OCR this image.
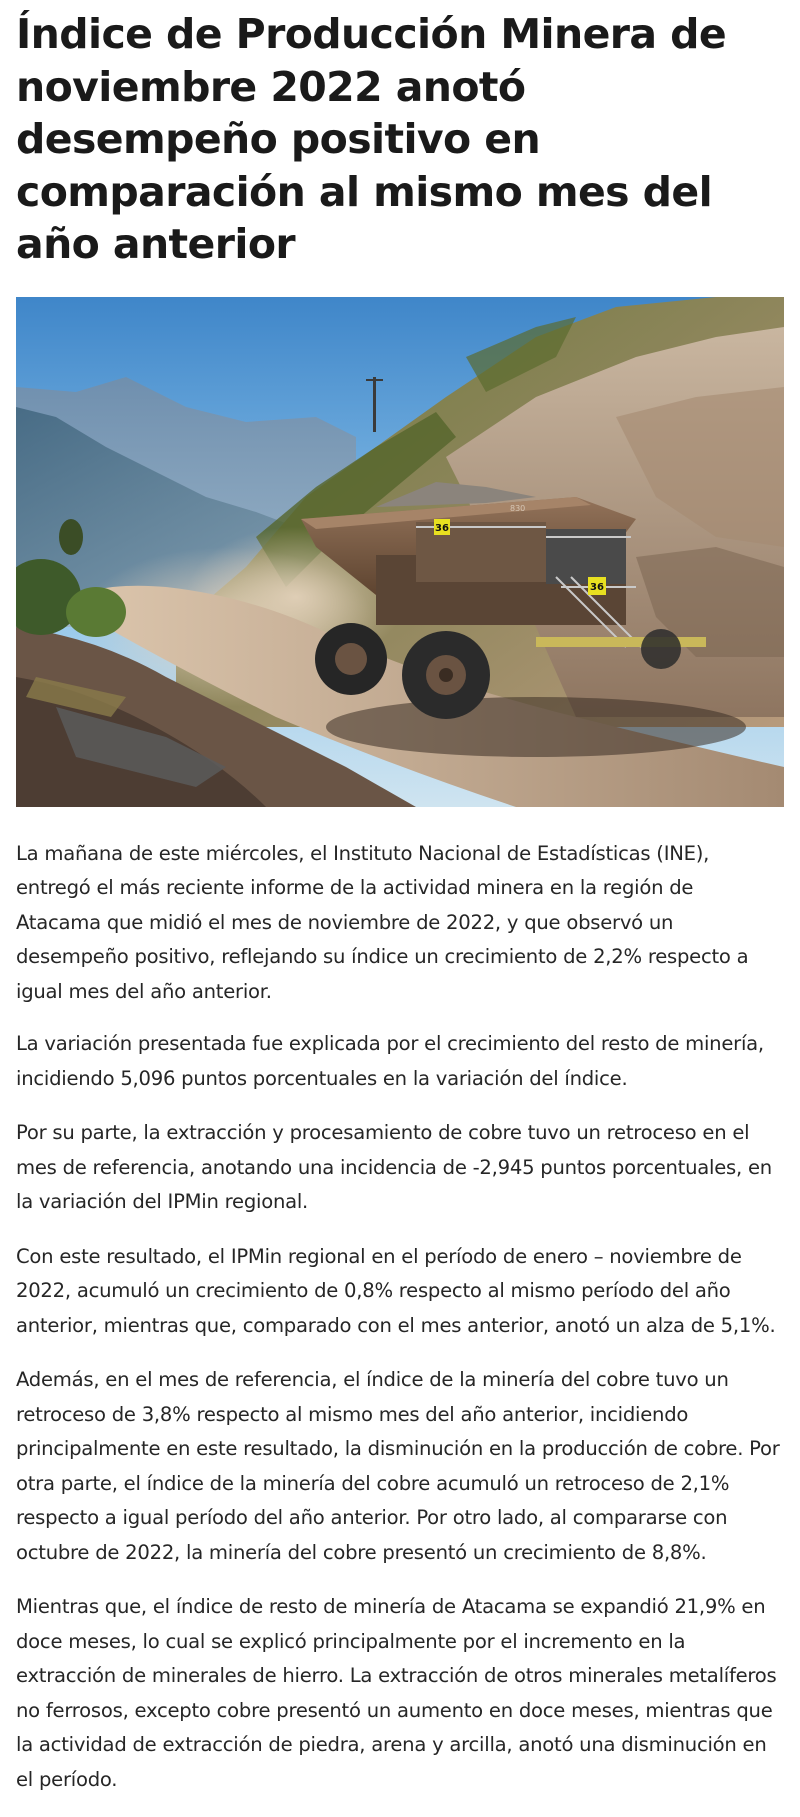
Índice de Producción Minera de noviembre 2022 anotó desempeño positivo en comparación al mismo mes del año anterior
36
36
830

La mañana de este miércoles, el Instituto Nacional de Estadísticas (INE), entregó el más reciente informe de la actividad minera en la región de Atacama que midió el mes de noviembre de 2022, y que observó un desempeño positivo, reflejando su índice un crecimiento de 2,2% respecto a igual mes del año anterior.

La variación presentada fue explicada por el crecimiento del resto de minería, incidiendo 5,096 puntos porcentuales en la variación del índice.

Por su parte, la extracción y procesamiento de cobre tuvo un retroceso en el mes de referencia, anotando una incidencia de -2,945 puntos porcentuales, en la variación del IPMin regional.

Con este resultado, el IPMin regional en el período de enero – noviembre de 2022, acumuló un crecimiento de 0,8% respecto al mismo período del año anterior, mientras que, comparado con el mes anterior, anotó un alza de 5,1%.

Además, en el mes de referencia, el índice de la minería del cobre tuvo un retroceso de 3,8% respecto al mismo mes del año anterior, incidiendo principalmente en este resultado, la disminución en la producción de cobre. Por otra parte, el índice de la minería del cobre acumuló un retroceso de 2,1% respecto a igual período del año anterior. Por otro lado, al compararse con octubre de 2022, la minería del cobre presentó un crecimiento de 8,8%.

Mientras que, el índice de resto de minería de Atacama se expandió 21,9% en doce meses, lo cual se explicó principalmente por el incremento en la extracción de minerales de hierro. La extracción de otros minerales metalíferos no ferrosos, excepto cobre presentó un aumento en doce meses, mientras que la actividad de extracción de piedra, arena y arcilla, anotó una disminución en el período.
